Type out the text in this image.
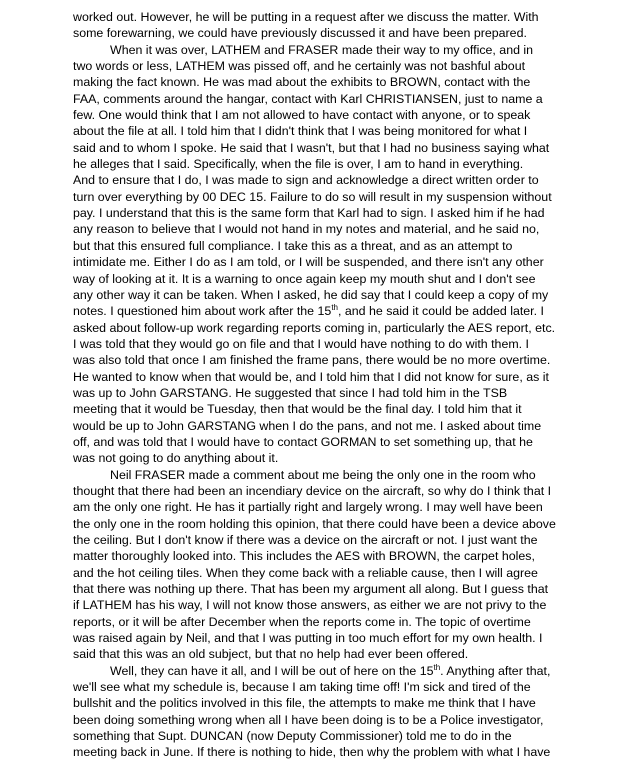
worked out. However, he will be putting in a request after we discuss the matter. With
some forewarning, we could have previously discussed it and have been prepared.
When it was over, LATHEM and FRASER made their way to my office, and in
two words or less, LATHEM was pissed off, and he certainly was not bashful about
making the fact known. He was mad about the exhibits to BROWN, contact with the
FAA, comments around the hangar, contact with Karl CHRISTIANSEN, just to name a
few. One would think that I am not allowed to have contact with anyone, or to speak
about the file at all. I told him that I didn't think that I was being monitored for what I
said and to whom I spoke. He said that I wasn't, but that I had no business saying what
he alleges that I said. Specifically, when the file is over, I am to hand in everything.
And to ensure that I do, I was made to sign and acknowledge a direct written order to
turn over everything by 00 DEC 15. Failure to do so will result in my suspension without
pay. I understand that this is the same form that Karl had to sign. I asked him if he had
any reason to believe that I would not hand in my notes and material, and he said no,
but that this ensured full compliance. I take this as a threat, and as an attempt to
intimidate me. Either I do as I am told, or I will be suspended, and there isn't any other
way of looking at it. It is a warning to once again keep my mouth shut and I don't see
any other way it can be taken. When I asked, he did say that I could keep a copy of my
notes. I questioned him about work after the 15th, and he said it could be added later. I
asked about follow-up work regarding reports coming in, particularly the AES report, etc.
I was told that they would go on file and that I would have nothing to do with them. I
was also told that once I am finished the frame pans, there would be no more overtime.
He wanted to know when that would be, and I told him that I did not know for sure, as it
was up to John GARSTANG. He suggested that since I had told him in the TSB
meeting that it would be Tuesday, then that would be the final day. I told him that it
would be up to John GARSTANG when I do the pans, and not me. I asked about time
off, and was told that I would have to contact GORMAN to set something up, that he
was not going to do anything about it.
Neil FRASER made a comment about me being the only one in the room who
thought that there had been an incendiary device on the aircraft, so why do I think that I
am the only one right. He has it partially right and largely wrong. I may well have been
the only one in the room holding this opinion, that there could have been a device above
the ceiling. But I don't know if there was a device on the aircraft or not. I just want the
matter thoroughly looked into. This includes the AES with BROWN, the carpet holes,
and the hot ceiling tiles. When they come back with a reliable cause, then I will agree
that there was nothing up there. That has been my argument all along. But I guess that
if LATHEM has his way, I will not know those answers, as either we are not privy to the
reports, or it will be after December when the reports come in. The topic of overtime
was raised again by Neil, and that I was putting in too much effort for my own health. I
said that this was an old subject, but that no help had ever been offered.
Well, they can have it all, and I will be out of here on the 15th. Anything after that,
we'll see what my schedule is, because I am taking time off! I'm sick and tired of the
bullshit and the politics involved in this file, the attempts to make me think that I have
been doing something wrong when all I have been doing is to be a Police investigator,
something that Supt. DUNCAN (now Deputy Commissioner) told me to do in the
meeting back in June. If there is nothing to hide, then why the problem with what I have
